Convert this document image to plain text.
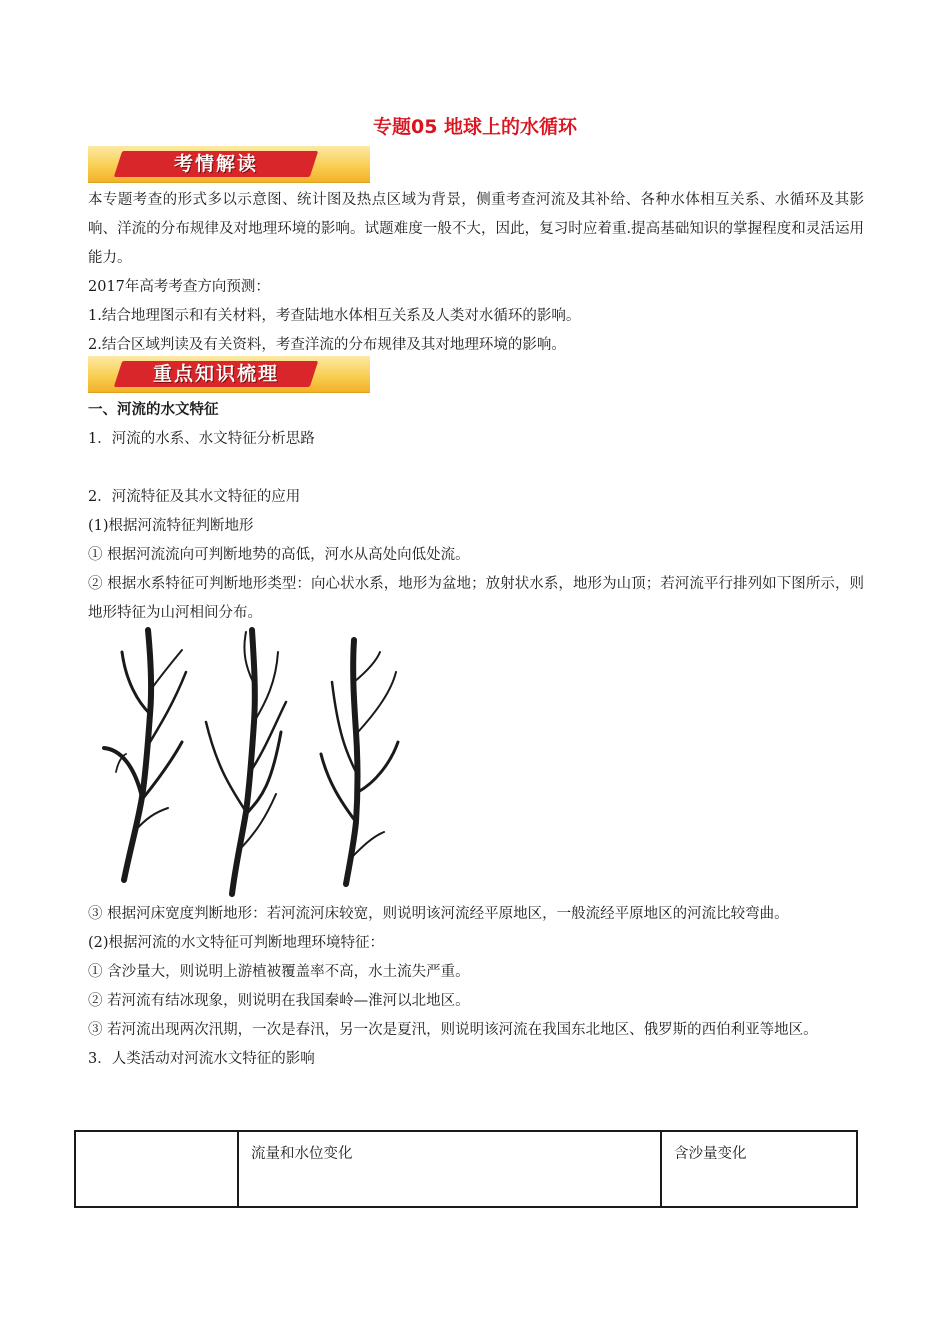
专题05 地球上的水循环
考情解读
本专题考查的形式多以示意图、统计图及热点区域为背景，侧重考查河流及其补给、各种水体相互关系、水循环及其影响、洋流的分布规律及对地理环境的影响。试题难度一般不大，因此，复习时应着重.提高基础知识的掌握程度和灵活运用能力。
2017年高考考查方向预测：
1.结合地理图示和有关材料，考查陆地水体相互关系及人类对水循环的影响。
2.结合区域判读及有关资料，考查洋流的分布规律及其对地理环境的影响。
重点知识梳理
一、河流的水文特征
1．河流的水系、水文特征分析思路
2．河流特征及其水文特征的应用
(1)根据河流特征判断地形
① 根据河流流向可判断地势的高低，河水从高处向低处流。
② 根据水系特征可判断地形类型：向心状水系，地形为盆地；放射状水系，地形为山顶；若河流平行排列如下图所示，则地形特征为山河相间分布。
③ 根据河床宽度判断地形：若河流河床较宽，则说明该河流经平原地区，一般流经平原地区的河流比较弯曲。
(2)根据河流的水文特征可判断地理环境特征：
① 含沙量大，则说明上游植被覆盖率不高，水土流失严重。
② 若河流有结冰现象，则说明在我国秦岭—淮河以北地区。
③ 若河流出现两次汛期，一次是春汛，另一次是夏汛，则说明该河流在我国东北地区、俄罗斯的西伯利亚等地区。
3．人类活动对河流水文特征的影响
	流量和水位变化	含沙量变化
